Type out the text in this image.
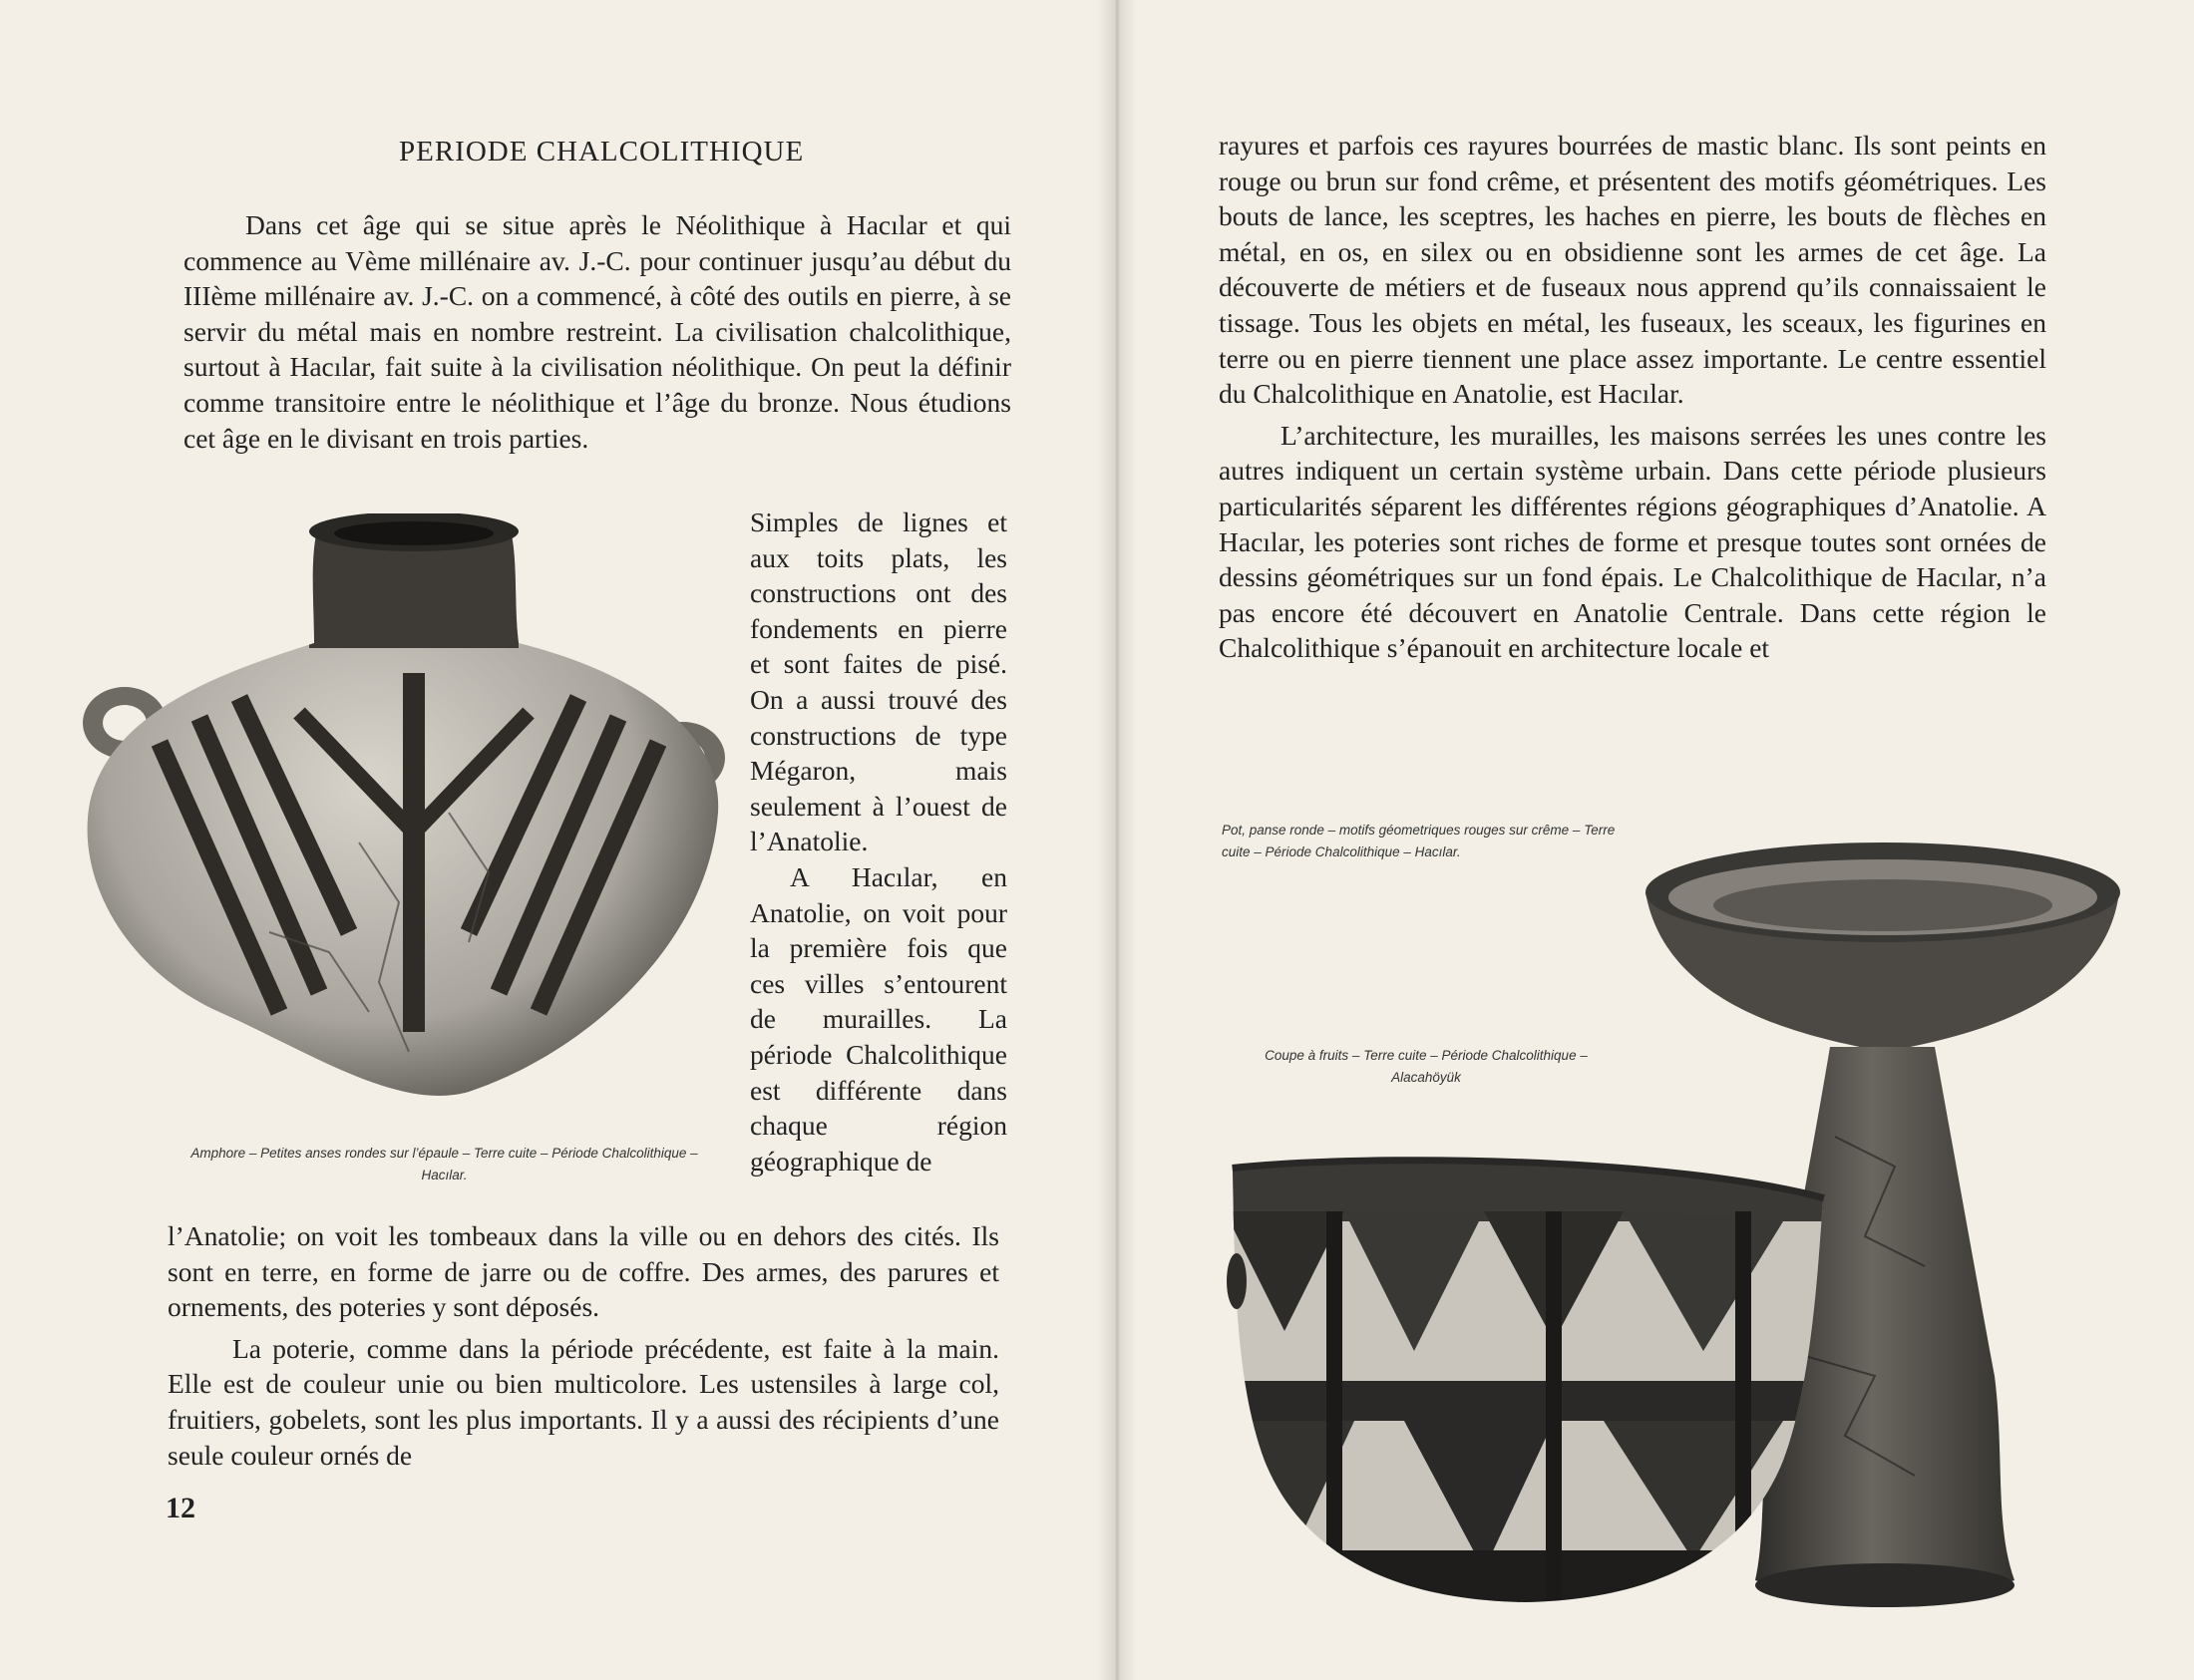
PERIODE CHALCOLITHIQUE

Dans cet âge qui se situe après le Néolithique à Hacılar et qui commence au Vème millénaire av. J.-C. pour continuer jusqu’au début du IIIème millénaire av. J.-C. on a commencé, à côté des outils en pierre, à se servir du métal mais en nombre restreint. La civilisation chalcolithique, surtout à Hacılar, fait suite à la civilisation néolithique. On peut la définir comme transitoire entre le néolithique et l’âge du bronze. Nous étudions cet âge en le divisant en trois parties.

Simples de lignes et aux toits plats, les constructions ont des fondements en pierre et sont faites de pisé. On a aussi trouvé des constructions de type Mégaron, mais seulement à l’ouest de l’Anatolie.

A Hacılar, en Anatolie, on voit pour la première fois que ces villes s’entourent de murailles. La période Chalcolithique est différente dans chaque région géographique de

Amphore – Petites anses rondes sur l’épaule – Terre cuite – Période Chalcolithique – Hacılar.

l’Anatolie; on voit les tombeaux dans la ville ou en dehors des cités. Ils sont en terre, en forme de jarre ou de coffre. Des armes, des parures et ornements, des poteries y sont déposés.

La poterie, comme dans la période précédente, est faite à la main. Elle est de couleur unie ou bien multicolore. Les ustensiles à large col, fruitiers, gobelets, sont les plus importants. Il y a aussi des récipients d’une seule couleur ornés de

12

rayures et parfois ces rayures bourrées de mastic blanc. Ils sont peints en rouge ou brun sur fond crême, et présentent des motifs géométriques. Les bouts de lance, les sceptres, les haches en pierre, les bouts de flèches en métal, en os, en silex ou en obsidienne sont les armes de cet âge. La découverte de métiers et de fuseaux nous apprend qu’ils connaissaient le tissage. Tous les objets en métal, les fuseaux, les sceaux, les figurines en terre ou en pierre tiennent une place assez importante. Le centre essentiel du Chalcolithique en Anatolie, est Hacılar.

L’architecture, les murailles, les maisons serrées les unes contre les autres indiquent un certain système urbain. Dans cette période plusieurs particularités séparent les différentes régions géographiques d’Anatolie. A Hacılar, les poteries sont riches de forme et presque toutes sont ornées de dessins géométriques sur un fond épais. Le Chalcolithique de Hacılar, n’a pas encore été découvert en Anatolie Centrale. Dans cette région le Chalcolithique s’épanouit en architecture locale et

Pot, panse ronde – motifs géometriques rouges sur crême – Terre cuite – Période Chalcolithique – Hacılar.
Coupe à fruits – Terre cuite – Période Chalcolithique – Alacahöyük
